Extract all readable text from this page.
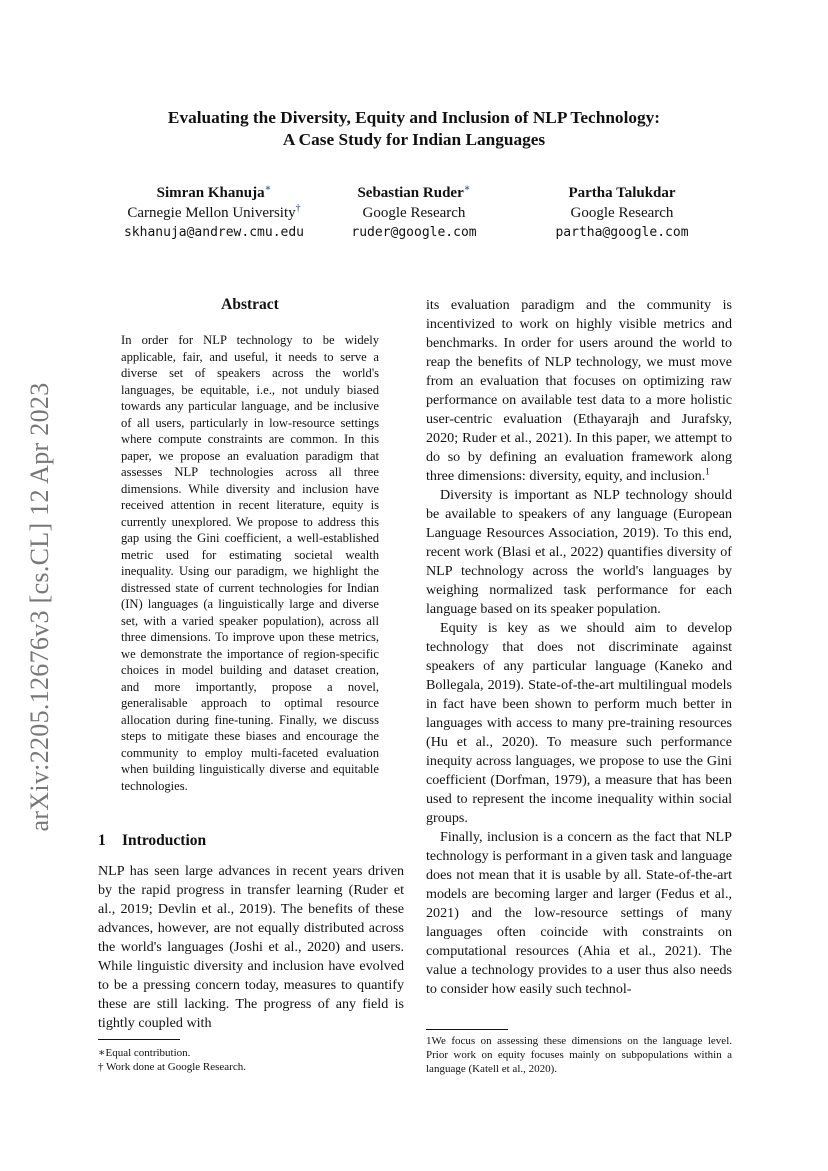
arXiv:2205.12676v3 [cs.CL] 12 Apr 2023
Evaluating the Diversity, Equity and Inclusion of NLP Technology:
A Case Study for Indian Languages
Simran Khanuja∗
Carnegie Mellon University†
skhanuja@andrew.cmu.edu
Sebastian Ruder∗
Google Research
ruder@google.com
Partha Talukdar
Google Research
partha@google.com
Abstract

In order for NLP technology to be widely applicable, fair, and useful, it needs to serve a diverse set of speakers across the world's languages, be equitable, i.e., not unduly biased towards any particular language, and be inclusive of all users, particularly in low-resource settings where compute constraints are common. In this paper, we propose an evaluation paradigm that assesses NLP technologies across all three dimensions. While diversity and inclusion have received attention in recent literature, equity is currently unexplored. We propose to address this gap using the Gini coefficient, a well-established metric used for estimating societal wealth inequality. Using our paradigm, we highlight the distressed state of current technologies for Indian (IN) languages (a linguistically large and diverse set, with a varied speaker population), across all three dimensions. To improve upon these metrics, we demonstrate the importance of region-specific choices in model building and dataset creation, and more importantly, propose a novel, generalisable approach to optimal resource allocation during fine-tuning. Finally, we discuss steps to mitigate these biases and encourage the community to employ multi-faceted evaluation when building linguistically diverse and equitable technologies.

1 Introduction

NLP has seen large advances in recent years driven by the rapid progress in transfer learning (Ruder et al., 2019; Devlin et al., 2019). The benefits of these advances, however, are not equally distributed across the world's languages (Joshi et al., 2020) and users. While linguistic diversity and inclusion have evolved to be a pressing concern today, measures to quantify these are still lacking. The progress of any field is tightly coupled with

its evaluation paradigm and the community is incentivized to work on highly visible metrics and benchmarks. In order for users around the world to reap the benefits of NLP technology, we must move from an evaluation that focuses on optimizing raw performance on available test data to a more holistic user-centric evaluation (Ethayarajh and Jurafsky, 2020; Ruder et al., 2021). In this paper, we attempt to do so by defining an evaluation framework along three dimensions: diversity, equity, and inclusion.$^1$

Diversity is important as NLP technology should be available to speakers of any language (European Language Resources Association, 2019). To this end, recent work (Blasi et al., 2022) quantifies diversity of NLP technology across the world's languages by weighing normalized task performance for each language based on its speaker population.

Equity is key as we should aim to develop technology that does not discriminate against speakers of any particular language (Kaneko and Bollegala, 2019). State-of-the-art multilingual models in fact have been shown to perform much better in languages with access to many pre-training resources (Hu et al., 2020). To measure such performance inequity across languages, we propose to use the Gini coefficient (Dorfman, 1979), a measure that has been used to represent the income inequality within social groups.

Finally, inclusion is a concern as the fact that NLP technology is performant in a given task and language does not mean that it is usable by all. State-of-the-art models are becoming larger and larger (Fedus et al., 2021) and the low-resource settings of many languages often coincide with constraints on computational resources (Ahia et al., 2021). The value a technology provides to a user thus also needs to consider how easily such technol-

∗Equal contribution.
† Work done at Google Research.
1We focus on assessing these dimensions on the language level. Prior work on equity focuses mainly on subpopulations within a language (Katell et al., 2020).
